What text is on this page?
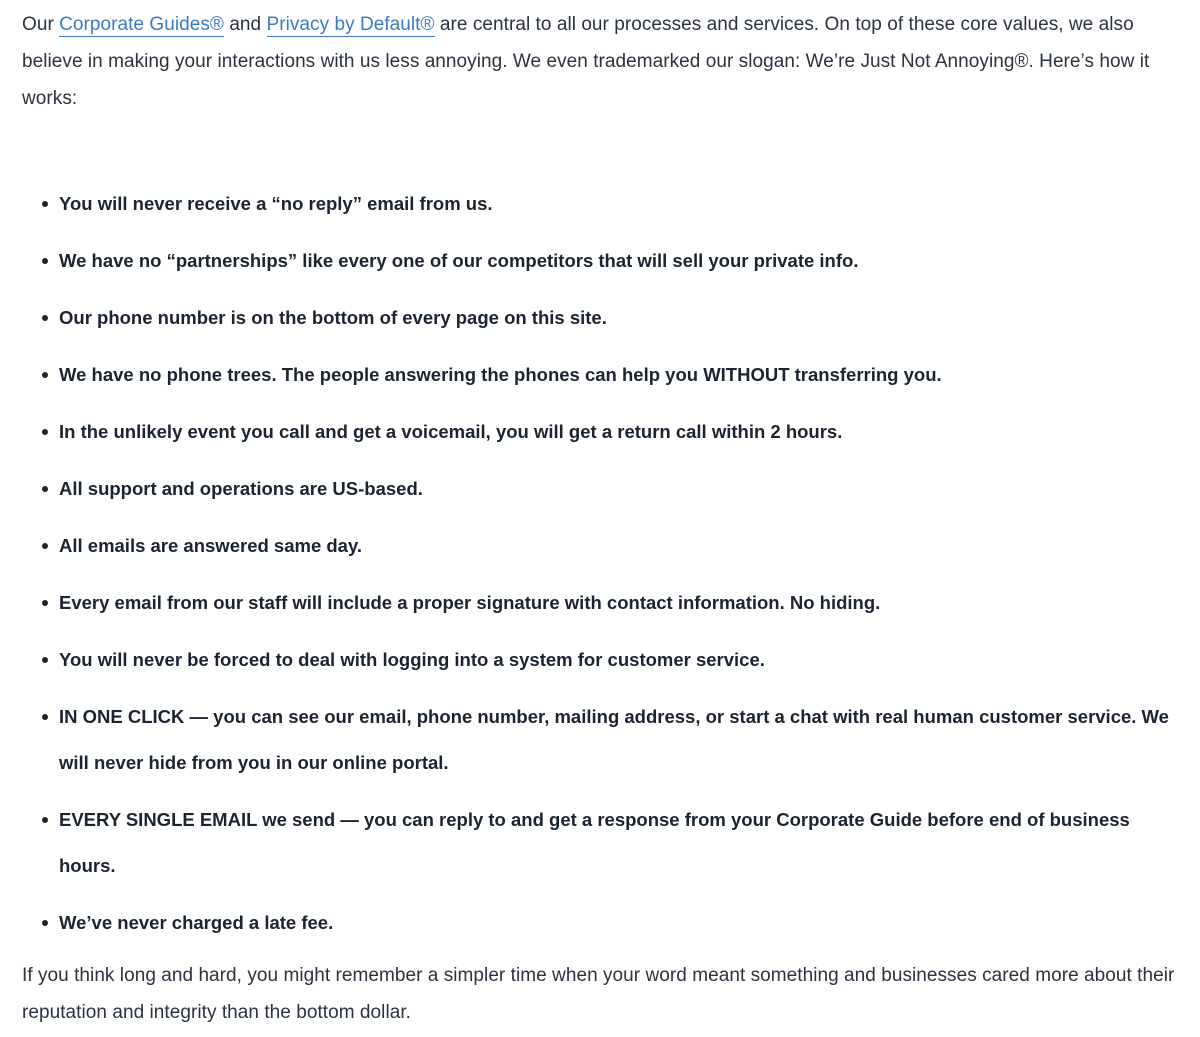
Our Corporate Guides® and Privacy by Default® are central to all our processes and services. On top of these core values, we also believe in making your interactions with us less annoying. We even trademarked our slogan: We’re Just Not Annoying®. Here’s how it works:

You will never receive a “no reply” email from us.
We have no “partnerships” like every one of our competitors that will sell your private info.
Our phone number is on the bottom of every page on this site.
We have no phone trees. The people answering the phones can help you WITHOUT transferring you.
In the unlikely event you call and get a voicemail, you will get a return call within 2 hours.
All support and operations are US-based.
All emails are answered same day.
Every email from our staff will include a proper signature with contact information. No hiding.
You will never be forced to deal with logging into a system for customer service.
IN ONE CLICK — you can see our email, phone number, mailing address, or start a chat with real human customer service. We will never hide from you in our online portal.
EVERY SINGLE EMAIL we send — you can reply to and get a response from your Corporate Guide before end of business hours.
We’ve never charged a late fee.

If you think long and hard, you might remember a simpler time when your word meant something and businesses cared more about their reputation and integrity than the bottom dollar.
